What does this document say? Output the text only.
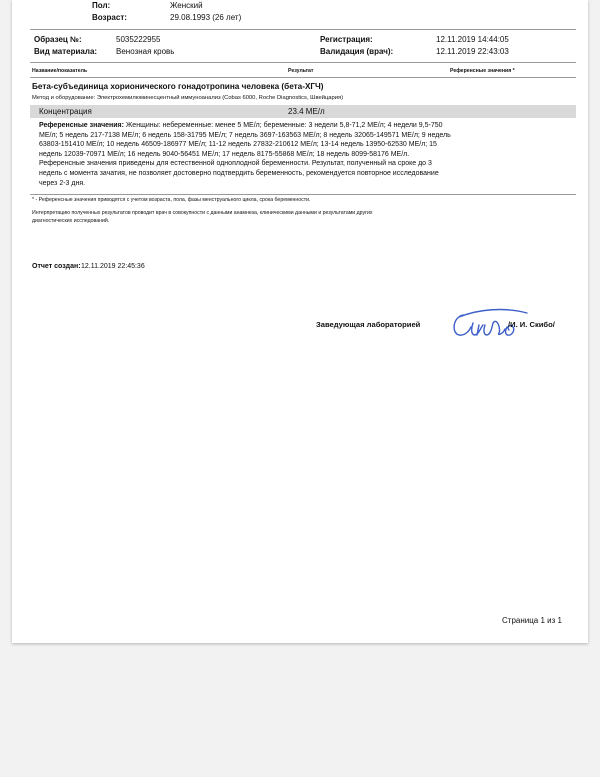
Пол:	Женский
Возраст:	29.08.1993 (26 лет)
Образец №:	5035222955
Вид материала: Венозная кровь
Регистрация:	12.11.2019 14:44:05
Валидация (врач):	12.11.2019 22:43:03
Название/показатель	Результат	Референсные значения *
Бета-субъединица хорионического гонадотропина человека (бета-ХГЧ)
Метод и оборудование: Электрохемилюминесцентный иммуноанализ (Cobas 6000, Roche Diagnostics, Швейцария)
Концентрация	23.4 МЕ/л

Референсные значения: Женщины: небеременные: менее 5 МЕ/л; беременные: 3 недели 5,8-71,2 МЕ/л; 4 недели 9,5-750

МЕ/л; 5 недель 217-7138 МЕ/л; 6 недель 158-31795 МЕ/л; 7 недель 3697-163563 МЕ/л; 8 недель 32065-149571 МЕ/л; 9 недель

63803-151410 МЕ/л; 10 недель 46509-186977 МЕ/л; 11-12 недель 27832-210612 МЕ/л; 13-14 недель 13950-62530 МЕ/л; 15

недель 12039-70971 МЕ/л; 16 недель 9040-56451 МЕ/л; 17 недель 8175-55868 МЕ/л; 18 недель 8099-58176 МЕ/л.

Референсные значения приведены для естественной одноплодной беременности. Результат, полученный на сроке до 3

недель с момента зачатия, не позволяет достоверно подтвердить беременность, рекомендуется повторное исследование

через 2-3 дня.

* - Референсные значения приводятся с учетом возраста, пола, фазы менструального цикла, срока беременности.
Интерпретацию полученных результатов проводит врач в совокупности с данными анамнеза, клиническими данными и результатами других
диагностических исследований.
Отчет создан: 12.11.2019 22:45:36
Заведующая лабораторией	/И. И. Скибо/
Страница 1 из 1
